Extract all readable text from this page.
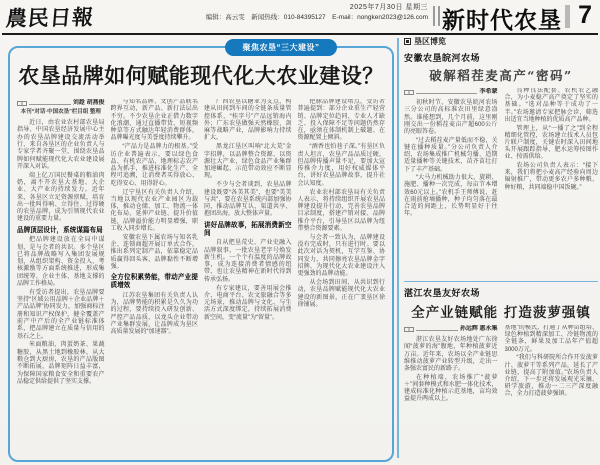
農民日報	2025年7月30日 星期三
编辑：高云雯　新闻热线：010-84395127　E-mail：nongken2023@126.com 新时代农垦 7
聚焦农垦“三大建设”
农垦品牌如何赋能现代化大农业建设？
刘趁 胡燕俊
本刊“对话·中国农垦”栏目组 整理

近日，由农业农村部农垦局指导、中国农垦经济发展中心主办的农垦品牌建设交流活动举行，来自各垦区的企业负责人与专家学者齐聚一堂，围绕农垦品牌如何赋能现代化大农业建设展开深入对话。

端上亿万国民餐桌的粮油肉奶，离不开农垦大基地、大企业、大产业的持续发力。近年来，各垦区立足资源禀赋，培育出一批叫得响、立得住、过得硬的农垦品牌，成为引领现代农业建设的重要力量。

品牌顶层设计，系统谋篇布局

把品牌建设放在全局中谋划，是与会者的共识。多个垦区已将品牌战略写入集团发展规划，从组织架构、资金投入、考核激励等方面系统推进，形成集团统筹、企业主体、基地支撑的品牌工作格局。

有受访者提出，农垦品牌要坚持“区域公用品牌＋企业品牌＋产品品牌”协同发力，加强商标注册和知识产权保护，健全覆盖产前产中产后的全产业链标准体系，把品牌建立在质量与信用的基石之上。

米面粮油、肉蛋奶茶、果蔬糖胶，从黑土地到橡胶林，从大粮仓到大厨房，农垦的产品版图不断拓展，品牌矩阵日益丰富，为保障国家粮食安全和重要农产品稳定供给提供了坚实支撑。

与知名品牌、文创产品联名跨界互动，新产品、新打法层出不穷。不少农垦企业正借力数字化浪潮，通过直播带货、短视频种草等方式触达年轻消费群体，品牌曝光度与美誉度持续攀升。

“产品力是品牌力的根基。”受访企业普遍表示，要以绿色食品、有机农产品、地理标志农产品为抓手，推进标准化生产、全程可追溯，让消费者买得放心、吃得安心、用得舒心。

辽宁垦区有关负责人介绍，当地以现代农业产业园区为载体，推动仓储、加工、物流一体化布局，延伸产业链、提升价值链，品牌溢价能力明显增强，职工收入同步增长。

安徽农垦下属农场与知名乳企、连锁商超开展订单式合作，推出系列定制产品，依靠稳定品质赢得回头客，品牌黏性不断增强。

全方位积累势能，带动产业提质增效

江苏农垦集团有关负责人认为，品牌势能的积累是久久为功的过程，要持续投入研发创新、严控产品品质，以龙头企业带动产业集群发展，让品牌成为垦区高质量发展的“加速器”。

广西农垦以糖业为支点，构建从田间到车间的全链条质量管控体系，“桂字号”产品远销海内外；广东农垦做强天然橡胶、剑麻等战略产业，品牌影响力持续扩大。

黑龙江垦区叫响“北大荒”金字招牌，以品牌整合资源、以资源壮大产业，绿色食品产业集群加速崛起，示范带动效应不断显现。

不少与会者谈到，农垦品牌建设既要“各美其美”，也要“美美与共”，要在农垦系统内部加强协同，推动品牌互认、渠道共享、抱团出海，放大整体声量。

讲好品牌故事，拓展消费新空间

自从把垦荒史、产业史融入品牌叙事，一批农垦老字号焕发新生机。一个个有温度的品牌故事，成为连接消费者情感的纽带，也让农垦精神在新时代得到传承弘扬。

有专家建议，要善用展会推介、电商平台、农文旅融合等多元场景，推动品牌与文化、与生活方式深度绑定，持续拓展消费新空间，变“流量”为“留量”。

把脉品牌建设堵点，受访者普遍提到：部分企业重生产轻营销、品牌定位趋同、专业人才缺乏、投入保障不足等问题仍然存在，亟须在体制机制上破题、在资源配置上倾斜。

“酒香也怕巷子深。”有垦区负责人坦言，农垦产品品质过硬，但品牌传播声量不足，要加大宣传推介力度，用好权威媒体平台，讲好农垦品牌故事，提升社会认知度。

农业农村部农垦局有关负责人表示，将持续组织开展农垦品牌建设提升行动，完善农垦品牌目录制度，搭建产销对接、品牌推介平台，引导垦区以品牌为纽带整合资源要素。

与会者一致认为，品牌建设没有完成时，只有进行时。要以此次对话为契机，互学互鉴、协同发力，共同擦亮农垦品牌金字招牌，为现代化大农业建设注入更强劲的品牌动能。

从会场到田间，从共识到行动，农垦品牌赋能现代化大农业建设的新图景，正在广袤垦区徐徐铺展。

垦区博览
安徽农垦皖河农场
破解稻茬麦高产“密码”
李希蒙

初秋时节，安徽农垦皖河农场三分公司的高标准农田里绿意盎然。谁能想到，几个月前，这里刚刚交出一份稻茬麦亩产超600公斤的亮眼答卷。

“过去稻茬麦产量低而不稳，关键在播种质量。”分公司负责人介绍，农场集成推广机械匀播、适期适量播种等关键技术，苗齐苗壮打下了丰产基础。

“大马力机械助力很大，旋耕、施肥、播种一次完成，每亩节本增效60元以上。”农机手王师傅说，赶在雨前抢墒播种，种子均匀落在最合适的间距上，长势明显好于往年。

良种良法配套、农机农艺融合，为小麦稳产高产奠定了坚实的基础。“选对品种等于成功了一半。”农场邀请专家把脉会诊，筛选出适宜当地种植的优质高产品种。

管理上，从“一播了之”到全程精细化管控，农场建立技术人员包片联户制度，关键农时深入田间地头开展跟踪指导，肥水运筹按图作业、按需供给。

农场公司负责人表示：“接下来，我们将把小麦高产经验向周边辐射推广，带动更多农户多种粮、种好粮，共同端稳中国饭碗。”

湛江农垦友好农场
全产业链赋能 打造菠萝强镇
孙远辉 惠永集

湛江农垦友好农场地处广东徐闻“菠萝的海”腹地，年种植菠萝近万亩。近年来，农场以全产业链思维推动菠萝产业转型升级，走出一条强农富民的新路子。

在种植端，农场推广“菠萝＋”间套种模式和水肥一体化技术，建成标准化种植示范基地，亩均效益提升两成以上。

基地”的模式，打通了从种苗组培、绿色种植到精深加工、冷链物流的全链条，鲜果及加工品年产值超3000万元。

“我们与科研院所合作开发菠萝汁、菠萝干等系列产品，延长了产业链，提高了附加值。”农场负责人介绍，下一步还将发展观光采摘、研学旅游，推动一二三产深度融合，全力打造菠萝强镇。
